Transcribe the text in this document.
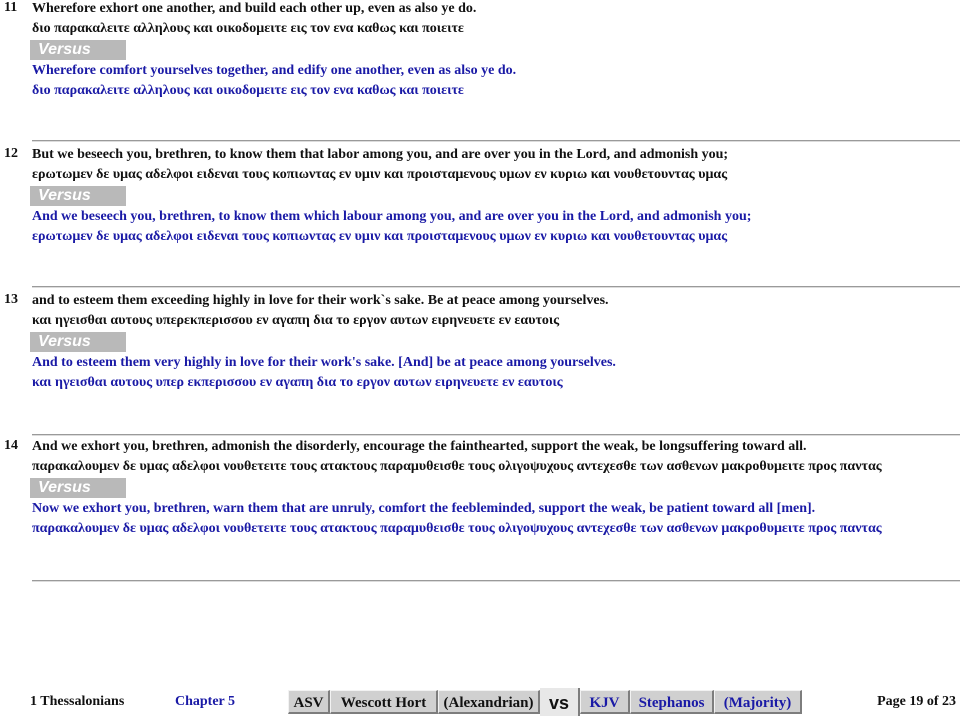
11 Wherefore exhort one another, and build each other up, even as also ye do.
διο παρακαλειτε αλληλους και οικοδομειτε εις τον ενα καθως και ποιειτε
Versus
Wherefore comfort yourselves together, and edify one another, even as also ye do.
διο παρακαλειτε αλληλους και οικοδομειτε εις τον ενα καθως και ποιειτε
12 But we beseech you, brethren, to know them that labor among you, and are over you in the Lord, and admonish you;
ερωτωμεν δε υμας αδελφοι ειδεναι τους κοπιωντας εν υμιν και προισταμενους υμων εν κυριω και νουθετουντας υμας
Versus
And we beseech you, brethren, to know them which labour among you, and are over you in the Lord, and admonish you;
ερωτωμεν δε υμας αδελφοι ειδεναι τους κοπιωντας εν υμιν και προισταμενους υμων εν κυριω και νουθετουντας υμας
13 and to esteem them exceeding highly in love for their work`s sake. Be at peace among yourselves.
και ηγεισθαι αυτους υπερεκπερισσου εν αγαπη δια το εργον αυτων ειρηνευετε εν εαυτοις
Versus
And to esteem them very highly in love for their work's sake. [And] be at peace among yourselves.
και ηγεισθαι αυτους υπερ εκπερισσου εν αγαπη δια το εργον αυτων ειρηνευετε εν εαυτοις
14 And we exhort you, brethren, admonish the disorderly, encourage the fainthearted, support the weak, be longsuffering toward all.
παρακαλουμεν δε υμας αδελφοι νουθετειτε τους ατακτους παραμυθεισθε τους ολιγοψυχους αντεχεσθε των ασθενων μακροθυμειτε προς παντας
Versus
Now we exhort you, brethren, warn them that are unruly, comfort the feebleminded, support the weak, be patient toward all [men].
παρακαλουμεν δε υμας αδελφοι νουθετειτε τους ατακτους παραμυθεισθε τους ολιγοψυχους αντεχεσθε των ασθενων μακροθυμειτε προς παντας
1 Thessalonians	Chapter 5	ASV	Wescott Hort	(Alexandrian) vs	KJV	Stephanos	(Majority)	Page 19 of 23
